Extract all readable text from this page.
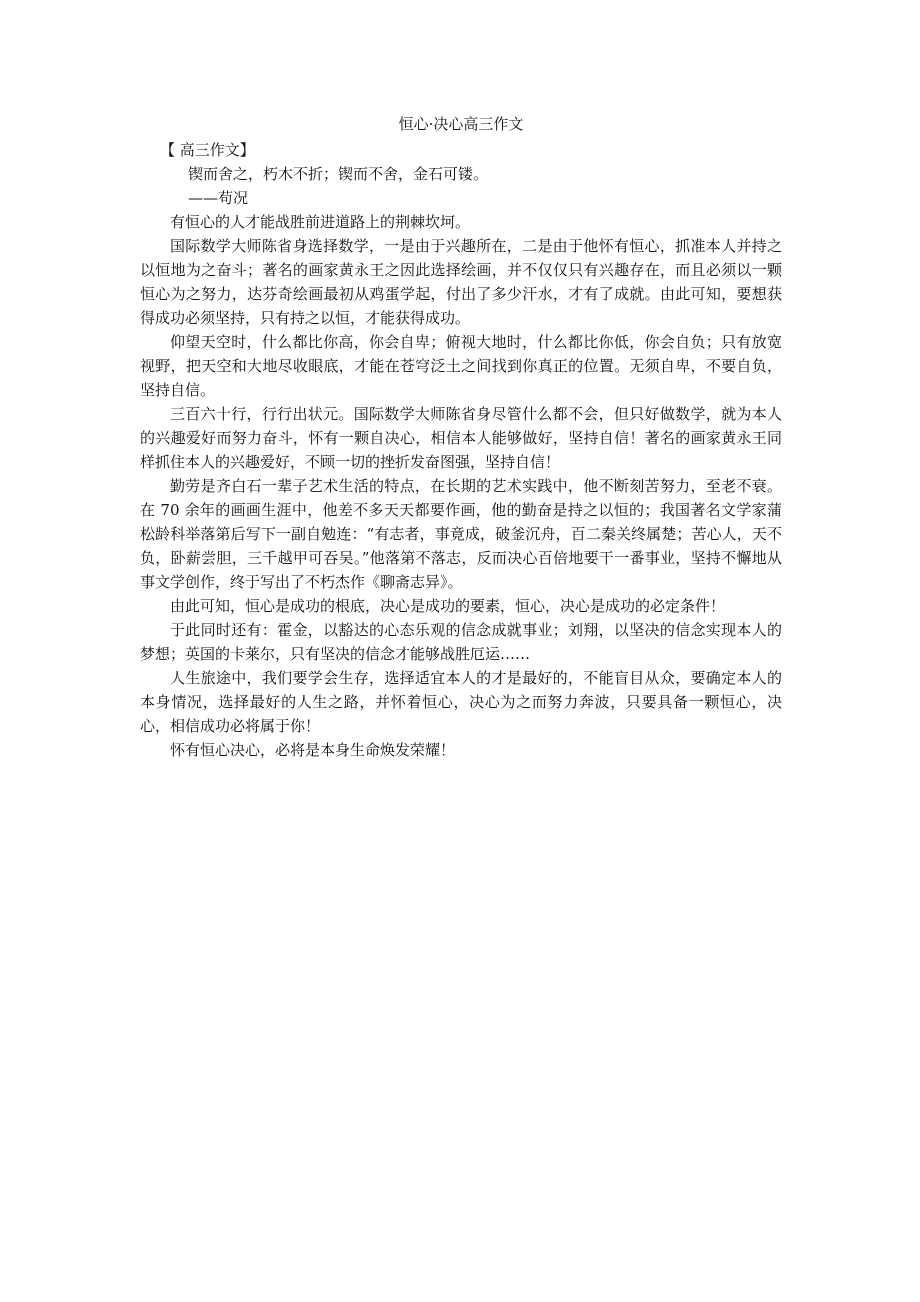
恒心·决心高三作文
【 高三作文】
锲而舍之，朽木不折；锲而不舍，金石可镂。
——苟况

有恒心的人才能战胜前进道路上的荆棘坎坷。

国际数学大师陈省身选择数学，一是由于兴趣所在，二是由于他怀有恒心，抓准本人并持之以恒地为之奋斗；著名的画家黄永王之因此选择绘画，并不仅仅只有兴趣存在，而且必须以一颗恒心为之努力，达芬奇绘画最初从鸡蛋学起，付出了多少汗水，才有了成就。由此可知，要想获得成功必须坚持，只有持之以恒，才能获得成功。

仰望天空时，什么都比你高，你会自卑；俯视大地时，什么都比你低，你会自负；只有放宽视野，把天空和大地尽收眼底，才能在苍穹泛土之间找到你真正的位置。无须自卑，不要自负，坚持自信。

三百六十行，行行出状元。国际数学大师陈省身尽管什么都不会，但只好做数学，就为本人的兴趣爱好而努力奋斗，怀有一颗自决心，相信本人能够做好，坚持自信！著名的画家黄永王同样抓住本人的兴趣爱好，不顾一切的挫折发奋图强，坚持自信！

勤劳是齐白石一辈子艺术生活的特点，在长期的艺术实践中，他不断刻苦努力，至老不衰。在 70 余年的画画生涯中，他差不多天天都要作画，他的勤奋是持之以恒的；我国著名文学家蒲松龄科举落第后写下一副自勉连：“有志者，事竟成，破釜沉舟，百二秦关终属楚；苦心人，天不负，卧薪尝胆，三千越甲可吞吴。”他落第不落志，反而决心百倍地要干一番事业，坚持不懈地从事文学创作，终于写出了不朽杰作《聊斋志异》。

由此可知，恒心是成功的根底，决心是成功的要素，恒心，决心是成功的必定条件！

于此同时还有：霍金，以豁达的心态乐观的信念成就事业；刘翔，以坚决的信念实现本人的梦想；英国的卡莱尔，只有坚决的信念才能够战胜厄运……

人生旅途中，我们要学会生存，选择适宜本人的才是最好的，不能盲目从众，要确定本人的本身情况，选择最好的人生之路，并怀着恒心，决心为之而努力奔波，只要具备一颗恒心，决心，相信成功必将属于你！

怀有恒心决心，必将是本身生命焕发荣耀！
